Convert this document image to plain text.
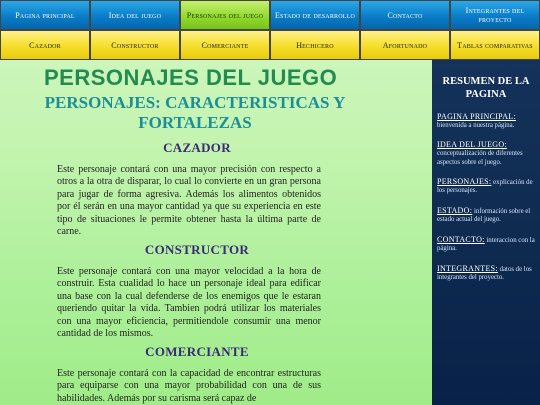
Pagina principal	Idea del juego	Personajes del juego	Estado de desarrollo	Contacto	Integrantes del proyecto
Cazador	Constructor	Comerciante	Hechicero	Afortunado	Tablas comparativas
PERSONAJES DEL JUEGO
PERSONAJES: CARACTERISTICAS Y FORTALEZAS
CAZADOR

Este personaje contará con una mayor precisión con respecto a otros a la otra de disparar, lo cual lo convierte en un gran persona para jugar de forma agresiva. Además los alimentos obtenidos por él serán en una mayor cantidad ya que su experiencia en este tipo de situaciones le permite obtener hasta la última parte de carne.

CONSTRUCTOR

Este personaje contará con una mayor velocidad a la hora de construir. Esta cualidad lo hace un personaje ideal para edificar una base con la cual defenderse de los enemigos que le estaran queriendo quitar la vida. Tambien podrá utilizar los materiales con una mayor eficiencia, permitiendole consumir una menor cantidad de los mismos.

COMERCIANTE

Este personaje contará con la capacidad de encontrar estructuras para equiparse con una mayor probabilidad con una de sus habilidades. Además por su carisma será capaz de

RESUMEN DE LA PAGINA
PAGINA PRINCIPAL:
bienvenida a nuestra página.
IDEA DEL JUEGO:
conceptualización de diferentes aspectos sobre el juego.
PERSONAJES: explicación de los personajes.
ESTADO: información sobre el estado actual del juego.
CONTACTO: interaccion con la página.
INTEGRANTES: datos de los integrantes del proyecto.
